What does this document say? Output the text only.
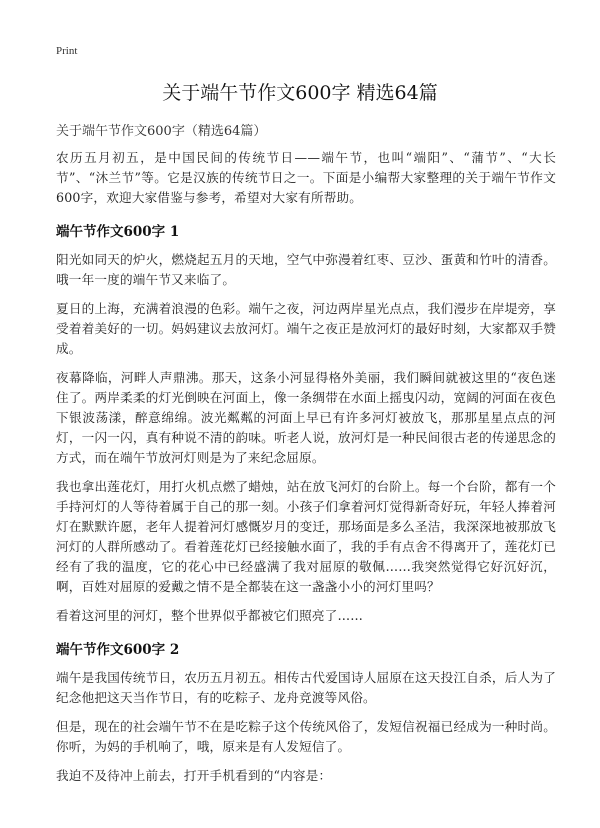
Print
关于端午节作文600字 精选64篇
关于端午节作文600字（精选64篇）

农历五月初五，是中国民间的传统节日——端午节，也叫“端阳”、“蒲节”、“大长节”、“沐兰节”等。它是汉族的传统节日之一。下面是小编帮大家整理的关于端午节作文600字，欢迎大家借鉴与参考，希望对大家有所帮助。

端午节作文600字 1

阳光如同天的炉火，燃烧起五月的天地，空气中弥漫着红枣、豆沙、蛋黄和竹叶的清香。哦一年一度的端午节又来临了。

夏日的上海，充满着浪漫的色彩。端午之夜，河边两岸星光点点，我们漫步在岸堤旁，享受着着美好的一切。妈妈建议去放河灯。端午之夜正是放河灯的最好时刻，大家都双手赞成。

夜幕降临，河畔人声鼎沸。那天，这条小河显得格外美丽，我们瞬间就被这里的“夜色迷住了。两岸柔柔的灯光倒映在河面上，像一条绸带在水面上摇曳闪动，宽阔的河面在夜色下银波荡漾，醉意绵绵。波光粼粼的河面上早已有许多河灯被放飞，那那星星点点的河灯，一闪一闪，真有种说不清的韵味。听老人说，放河灯是一种民间很古老的传递思念的方式，而在端午节放河灯则是为了来纪念屈原。

我也拿出莲花灯，用打火机点燃了蜡烛，站在放飞河灯的台阶上。每一个台阶，都有一个手持河灯的人等待着属于自己的那一刻。小孩子们拿着河灯觉得新奇好玩，年轻人捧着河灯在默默许愿，老年人提着河灯感慨岁月的变迁，那场面是多么圣洁，我深深地被那放飞河灯的人群所感动了。看着莲花灯已经接触水面了，我的手有点舍不得离开了，莲花灯已经有了我的温度，它的花心中已经盛满了我对屈原的敬佩……我突然觉得它好沉好沉，啊，百姓对屈原的爱戴之情不是全都装在这一盏盏小小的河灯里吗？

看着这河里的河灯，整个世界似乎都被它们照亮了……

端午节作文600字 2

端午是我国传统节日，农历五月初五。相传古代爱国诗人屈原在这天投江自杀，后人为了纪念他把这天当作节日，有的吃粽子、龙舟竞渡等风俗。

但是，现在的社会端午节不在是吃粽子这个传统风俗了，发短信祝福已经成为一种时尚。你听，为妈的手机响了，哦，原来是有人发短信了。

我迫不及待冲上前去，打开手机看到的“内容是：
